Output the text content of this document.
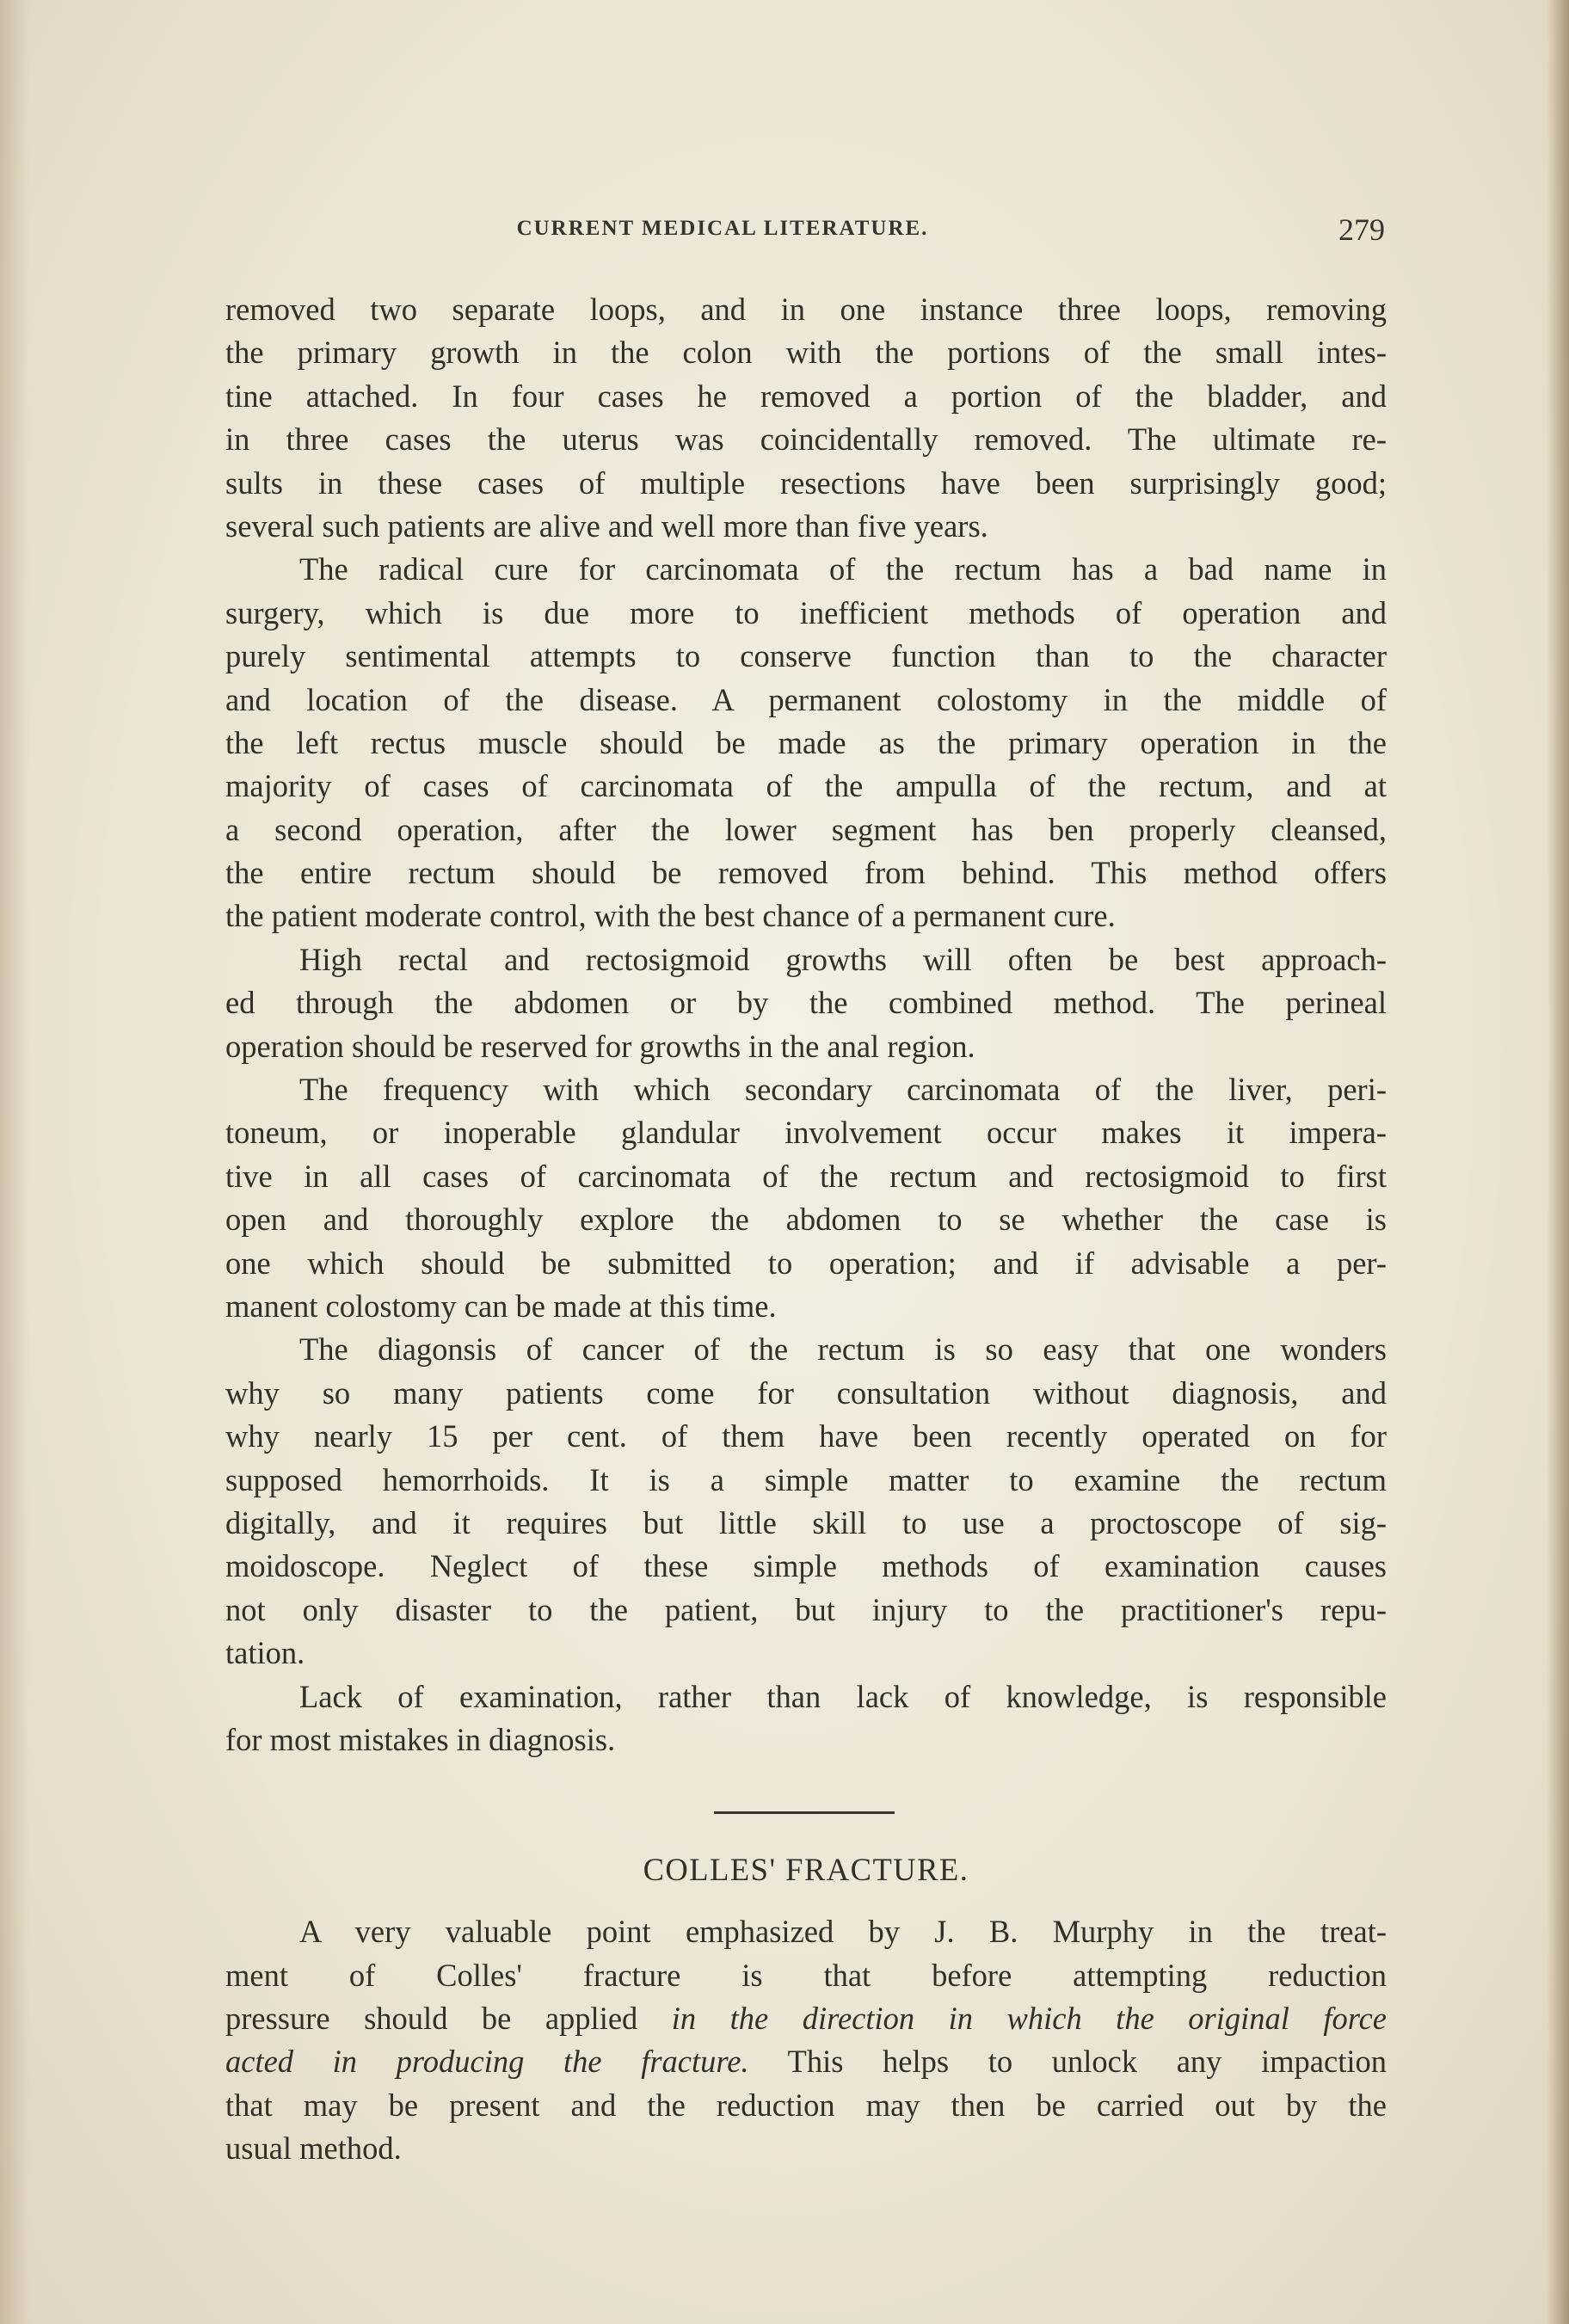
CURRENT MEDICAL LITERATURE.	279
removed two separate loops, and in one instance three loops, removing
the primary growth in the colon with the portions of the small intes-
tine attached. In four cases he removed a portion of the bladder, and
in three cases the uterus was coincidentally removed. The ultimate re-
sults in these cases of multiple resections have been surprisingly good;
several such patients are alive and well more than five years.
The radical cure for carcinomata of the rectum has a bad name in
surgery, which is due more to inefficient methods of operation and
purely sentimental attempts to conserve function than to the character
and location of the disease. A permanent colostomy in the middle of
the left rectus muscle should be made as the primary operation in the
majority of cases of carcinomata of the ampulla of the rectum, and at
a second operation, after the lower segment has ben properly cleansed,
the entire rectum should be removed from behind. This method offers
the patient moderate control, with the best chance of a permanent cure.
High rectal and rectosigmoid growths will often be best approach-
ed through the abdomen or by the combined method. The perineal
operation should be reserved for growths in the anal region.
The frequency with which secondary carcinomata of the liver, peri-
toneum, or inoperable glandular involvement occur makes it impera-
tive in all cases of carcinomata of the rectum and rectosigmoid to first
open and thoroughly explore the abdomen to se whether the case is
one which should be submitted to operation; and if advisable a per-
manent colostomy can be made at this time.
The diagonsis of cancer of the rectum is so easy that one wonders
why so many patients come for consultation without diagnosis, and
why nearly 15 per cent. of them have been recently operated on for
supposed hemorrhoids. It is a simple matter to examine the rectum
digitally, and it requires but little skill to use a proctoscope of sig-
moidoscope. Neglect of these simple methods of examination causes
not only disaster to the patient, but injury to the practitioner's repu-
tation.
Lack of examination, rather than lack of knowledge, is responsible
for most mistakes in diagnosis.
COLLES' FRACTURE.
A very valuable point emphasized by J. B. Murphy in the treat-
ment of Colles' fracture is that before attempting reduction
pressure should be applied in the direction in which the original force
acted in producing the fracture. This helps to unlock any impaction
that may be present and the reduction may then be carried out by the
usual method.
